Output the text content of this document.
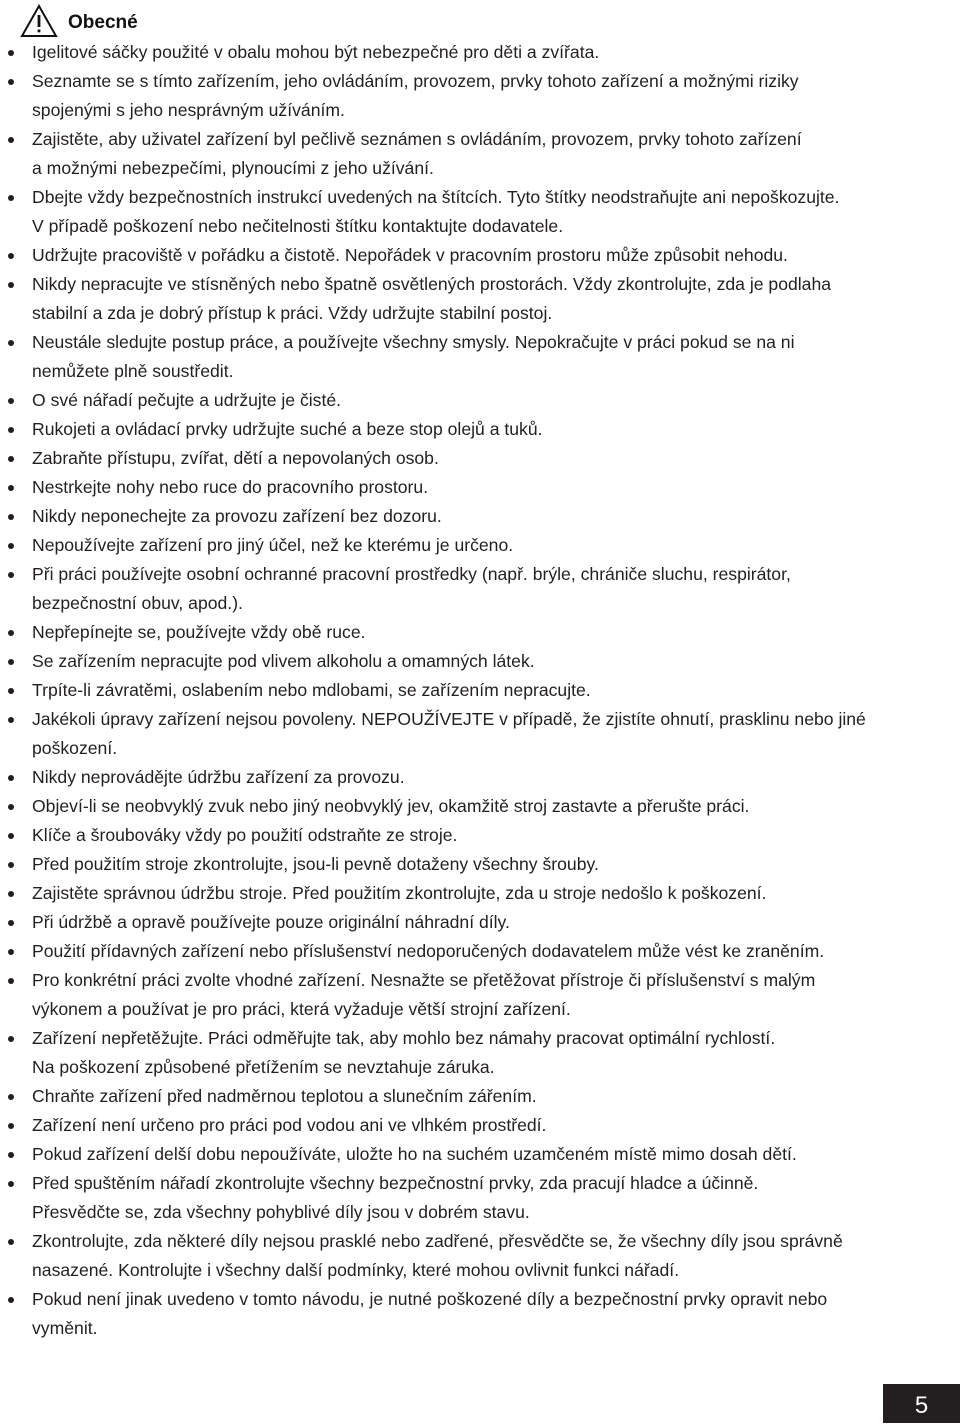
Obecné
Igelitové sáčky použité v obalu mohou být nebezpečné pro děti a zvířata.
Seznamte se s tímto zařízením, jeho ovládáním, provozem, prvky tohoto zařízení a možnými riziky
spojenými s jeho nesprávným užíváním.
Zajistěte, aby uživatel zařízení byl pečlivě seznámen s ovládáním, provozem, prvky tohoto zařízení
a možnými nebezpečími, plynoucími z jeho užívání.
Dbejte vždy bezpečnostních instrukcí uvedených na štítcích. Tyto štítky neodstraňujte ani nepoškozujte.
V případě poškození nebo nečitelnosti štítku kontaktujte dodavatele.
Udržujte pracoviště v pořádku a čistotě. Nepořádek v pracovním prostoru může způsobit nehodu.
Nikdy nepracujte ve stísněných nebo špatně osvětlených prostorách. Vždy zkontrolujte, zda je podlaha
stabilní a zda je dobrý přístup k práci. Vždy udržujte stabilní postoj.
Neustále sledujte postup práce, a používejte všechny smysly. Nepokračujte v práci pokud se na ni
nemůžete plně soustředit.
O své nářadí pečujte a udržujte je čisté.
Rukojeti a ovládací prvky udržujte suché a beze stop olejů a tuků.
Zabraňte přístupu, zvířat, dětí a nepovolaných osob.
Nestrkejte nohy nebo ruce do pracovního prostoru.
Nikdy neponechejte za provozu zařízení bez dozoru.
Nepoužívejte zařízení pro jiný účel, než ke kterému je určeno.
Při práci používejte osobní ochranné pracovní prostředky (např. brýle, chrániče sluchu, respirátor,
bezpečnostní obuv, apod.).
Nepřepínejte se, používejte vždy obě ruce.
Se zařízením nepracujte pod vlivem alkoholu a omamných látek.
Trpíte-li závratěmi, oslabením nebo mdlobami, se zařízením nepracujte.
Jakékoli úpravy zařízení nejsou povoleny. NEPOUŽÍVEJTE v případě, že zjistíte ohnutí, prasklinu nebo jiné
poškození.
Nikdy neprovádějte údržbu zařízení za provozu.
Objeví-li se neobvyklý zvuk nebo jiný neobvyklý jev, okamžitě stroj zastavte a přerušte práci.
Klíče a šroubováky vždy po použití odstraňte ze stroje.
Před použitím stroje zkontrolujte, jsou-li pevně dotaženy všechny šrouby.
Zajistěte správnou údržbu stroje. Před použitím zkontrolujte, zda u stroje nedošlo k poškození.
Při údržbě a opravě používejte pouze originální náhradní díly.
Použití přídavných zařízení nebo příslušenství nedoporučených dodavatelem může vést ke zraněním.
Pro konkrétní práci zvolte vhodné zařízení. Nesnažte se přetěžovat přístroje či příslušenství s malým
výkonem a používat je pro práci, která vyžaduje větší strojní zařízení.
Zařízení nepřetěžujte. Práci odměřujte tak, aby mohlo bez námahy pracovat optimální rychlostí.
Na poškození způsobené přetížením se nevztahuje záruka.
Chraňte zařízení před nadměrnou teplotou a slunečním zářením.
Zařízení není určeno pro práci pod vodou ani ve vlhkém prostředí.
Pokud zařízení delší dobu nepoužíváte, uložte ho na suchém uzamčeném místě mimo dosah dětí.
Před spuštěním nářadí zkontrolujte všechny bezpečnostní prvky, zda pracují hladce a účinně.
Přesvědčte se, zda všechny pohyblivé díly jsou v dobrém stavu.
Zkontrolujte, zda některé díly nejsou prasklé nebo zadřené, přesvědčte se, že všechny díly jsou správně
nasazené. Kontrolujte i všechny další podmínky, které mohou ovlivnit funkci nářadí.
Pokud není jinak uvedeno v tomto návodu, je nutné poškozené díly a bezpečnostní prvky opravit nebo
vyměnit.
5
